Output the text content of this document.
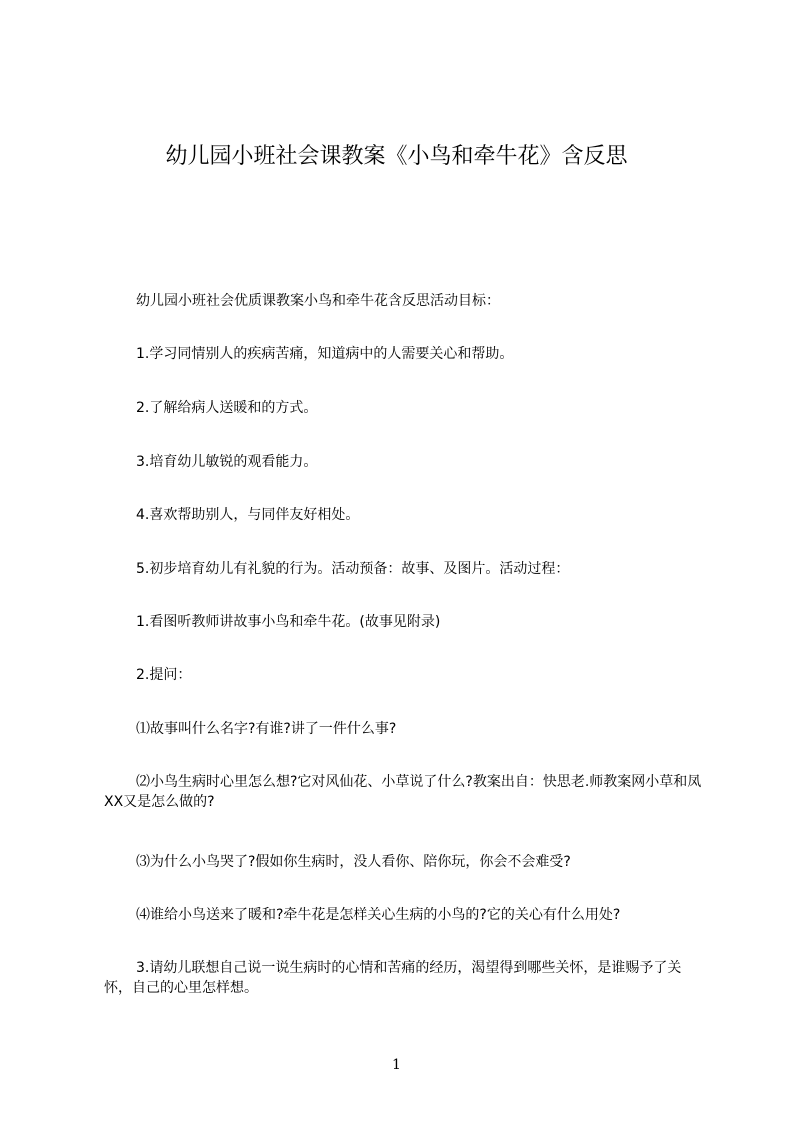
幼儿园小班社会课教案《小鸟和牵牛花》含反思

幼儿园小班社会优质课教案小鸟和牵牛花含反思活动目标：

1.学习同情别人的疾病苦痛，知道病中的人需要关心和帮助。

2.了解给病人送暖和的方式。

3.培育幼儿敏锐的观看能力。

4.喜欢帮助别人，与同伴友好相处。

5.初步培育幼儿有礼貌的行为。活动预备：故事、及图片。活动过程：

1.看图听教师讲故事小鸟和牵牛花。(故事见附录)

2.提问：

⑴故事叫什么名字?有谁?讲了一件什么事?

⑵小鸟生病时心里怎么想?它对风仙花、小草说了什么?教案出自：快思老.师教案网小草和凤XX又是怎么做的?

⑶为什么小鸟哭了?假如你生病时，没人看你、陪你玩，你会不会难受?

⑷谁给小鸟送来了暖和?牵牛花是怎样关心生病的小鸟的?它的关心有什么用处?

3.请幼儿联想自己说一说生病时的心情和苦痛的经历，渴望得到哪些关怀，是谁赐予了关怀，自己的心里怎样想。

1
